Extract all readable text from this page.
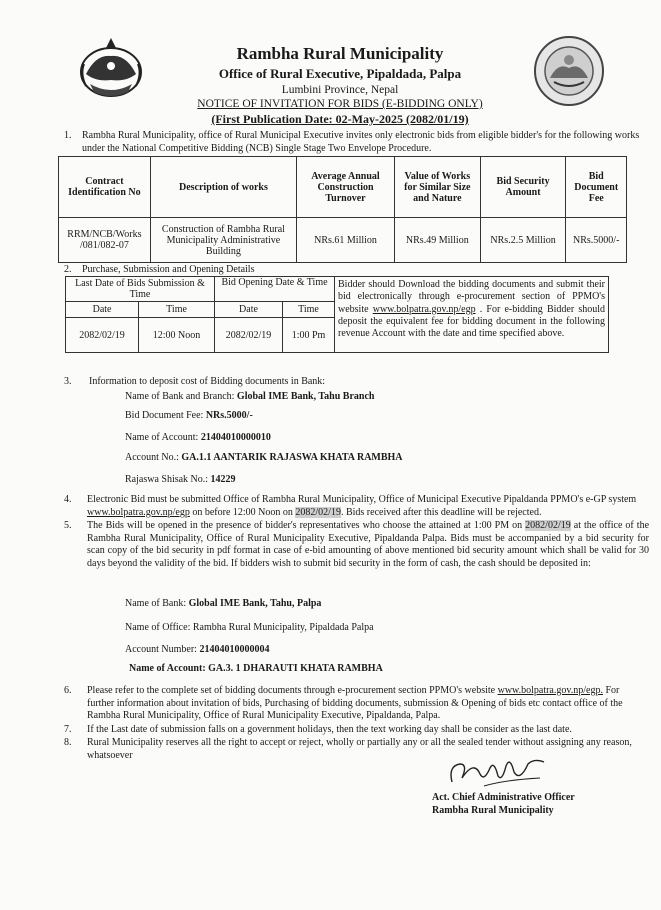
Rambha Rural Municipality
Office of Rural Executive, Pipaldada, Palpa
Lumbini Province, Nepal
NOTICE OF INVITATION FOR BIDS (E-BIDDING ONLY)
(First Publication Date: 02-May-2025 (2082/01/19)
1. Rambha Rural Municipality, office of Rural Municipal Executive invites only electronic bids from eligible bidder's for the following works under the National Competitive Bidding (NCB) Single Stage Two Envelope Procedure.
Contract Identification No	Description of works	Average Annual Construction Turnover	Value of Works for Similar Size and Nature	Bid Security Amount	Bid Document Fee
RRM/NCB/Works /081/082-07	Construction of Rambha Rural Municipality Administrative Building	NRs.61 Million	NRs.49 Million	NRs.2.5 Million	NRs.5000/-
2. Purchase, Submission and Opening Details
Last Date of Bids Submission & Time		Bid Opening Date & Time	
Date	Time	Date	Time
2082/02/19	12:00 Noon	2082/02/19	1:00 Pm
Bidder should Download the bidding documents and submit their bid electronically through e-procurement section of PPMO's website www.bolpatra.gov.np/egp . For e-bidding Bidder should deposit the equivalent fee for bidding document in the following revenue Account with the date and time specified above.
3. Information to deposit cost of Bidding documents in Bank:
Name of Bank and Branch: Global IME Bank, Tahu Branch
Bid Document Fee: NRs.5000/-
Name of Account: 21404010000010
Account No.: GA.1.1 AANTARIK RAJASWA KHATA RAMBHA
Rajaswa Shisak No.: 14229
4. Electronic Bid must be submitted Office of Rambha Rural Municipality, Office of Municipal Executive Pipaldanda PPMO's e-GP system www.bolpatra.gov.np/egp on before 12:00 Noon on 2082/02/19. Bids received after this deadline will be rejected.
5. The Bids will be opened in the presence of bidder's representatives who choose the attained at 1:00 PM on 2082/02/19 at the office of the Rambha Rural Municipality, Office of Rural Municipality Executive, Pipaldanda Palpa. Bids must be accompanied by a bid security for scan copy of the bid security in pdf format in case of e-bid amounting of above mentioned bid security amount which shall be valid for 30 days beyond the validity of the bid. If bidders wish to submit bid security in the form of cash, the cash should be deposited in:
Name of Bank: Global IME Bank, Tahu, Palpa
Name of Office: Rambha Rural Municipality, Pipaldada Palpa
Account Number: 21404010000004
Name of Account: GA.3. 1 DHARAUTI KHATA RAMBHA
6. Please refer to the complete set of bidding documents through e-procurement section PPMO's website www.bolpatra.gov.np/egp. For further information about invitation of bids, Purchasing of bidding documents, submission & Opening of bids etc contact office of the Rambha Rural Municipality, Office of Rural Municipality Executive, Pipaldanda, Palpa.
7. If the Last date of submission falls on a government holidays, then the text working day shall be consider as the last date.
8. Rural Municipality reserves all the right to accept or reject, wholly or partially any or all the sealed tender without assigning any reason, whatsoever
Act. Chief Administrative Officer
Rambha Rural Municipality
